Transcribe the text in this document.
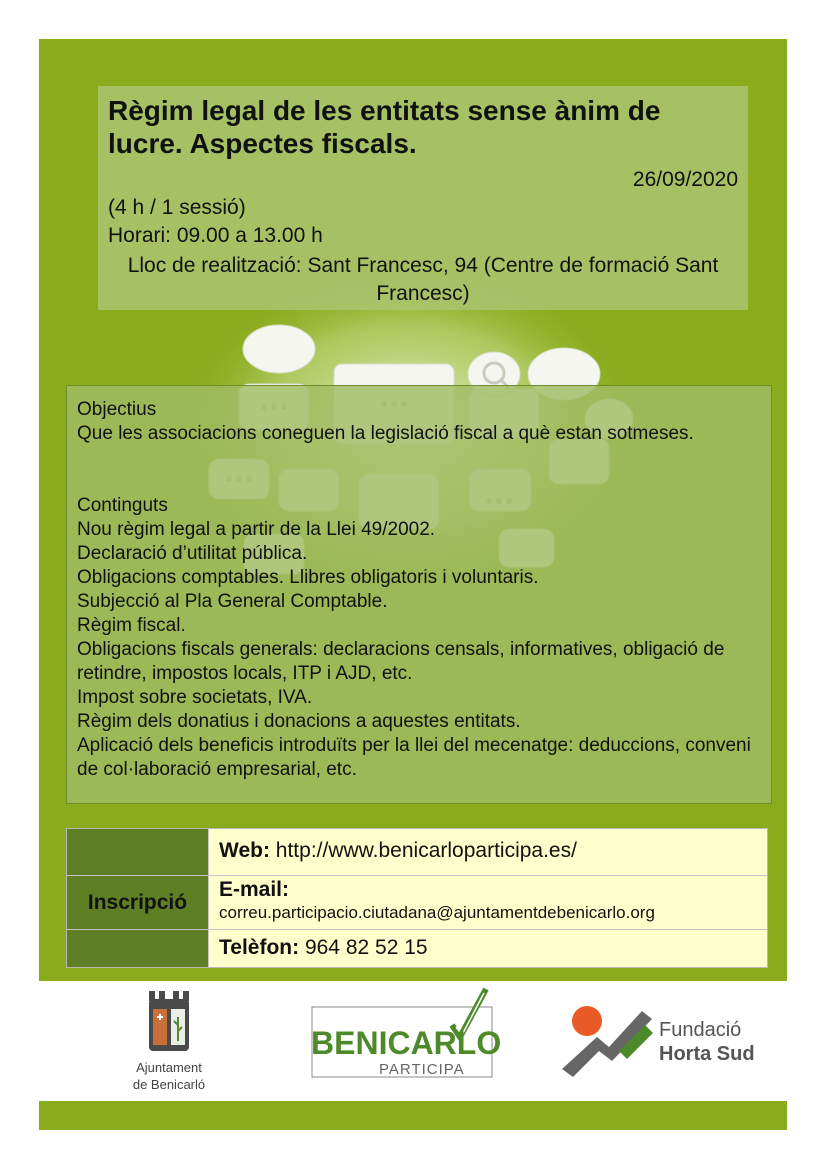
Règim legal de les entitats sense ànim de lucre. Aspectes fiscals.
26/09/2020
(4 h / 1 sessió)
Horari: 09.00 a 13.00 h
Lloc de realització: Sant Francesc, 94 (Centre de formació Sant Francesc)
Objectius

Que les associacions coneguen la legislació fiscal a què estan sotmeses.

Continguts
Nou règim legal a partir de la Llei 49/2002.
Declaració d’utilitat pública.
Obligacions comptables. Llibres obligatoris i voluntaris.
Subjecció al Pla General Comptable.
Règim fiscal.

Obligacions fiscals generals: declaracions censals, informatives, obligació de retindre, impostos locals, ITP i AJD, etc.

Impost sobre societats, IVA.
Règim dels donatius i donacions a aquestes entitats.

Aplicació dels beneficis introduïts per la llei del mecenatge: deduccions, conveni de col·laboració empresarial, etc.

Inscripció
Web: http://www.benicarloparticipa.es/
E-mail:
correu.participacio.ciutadana@ajuntamentdebenicarlo.org
Telèfon: 964 82 52 15
Ajuntament
de Benicarló
BENICARLO
PARTICIPA
Fundació
Horta Sud
